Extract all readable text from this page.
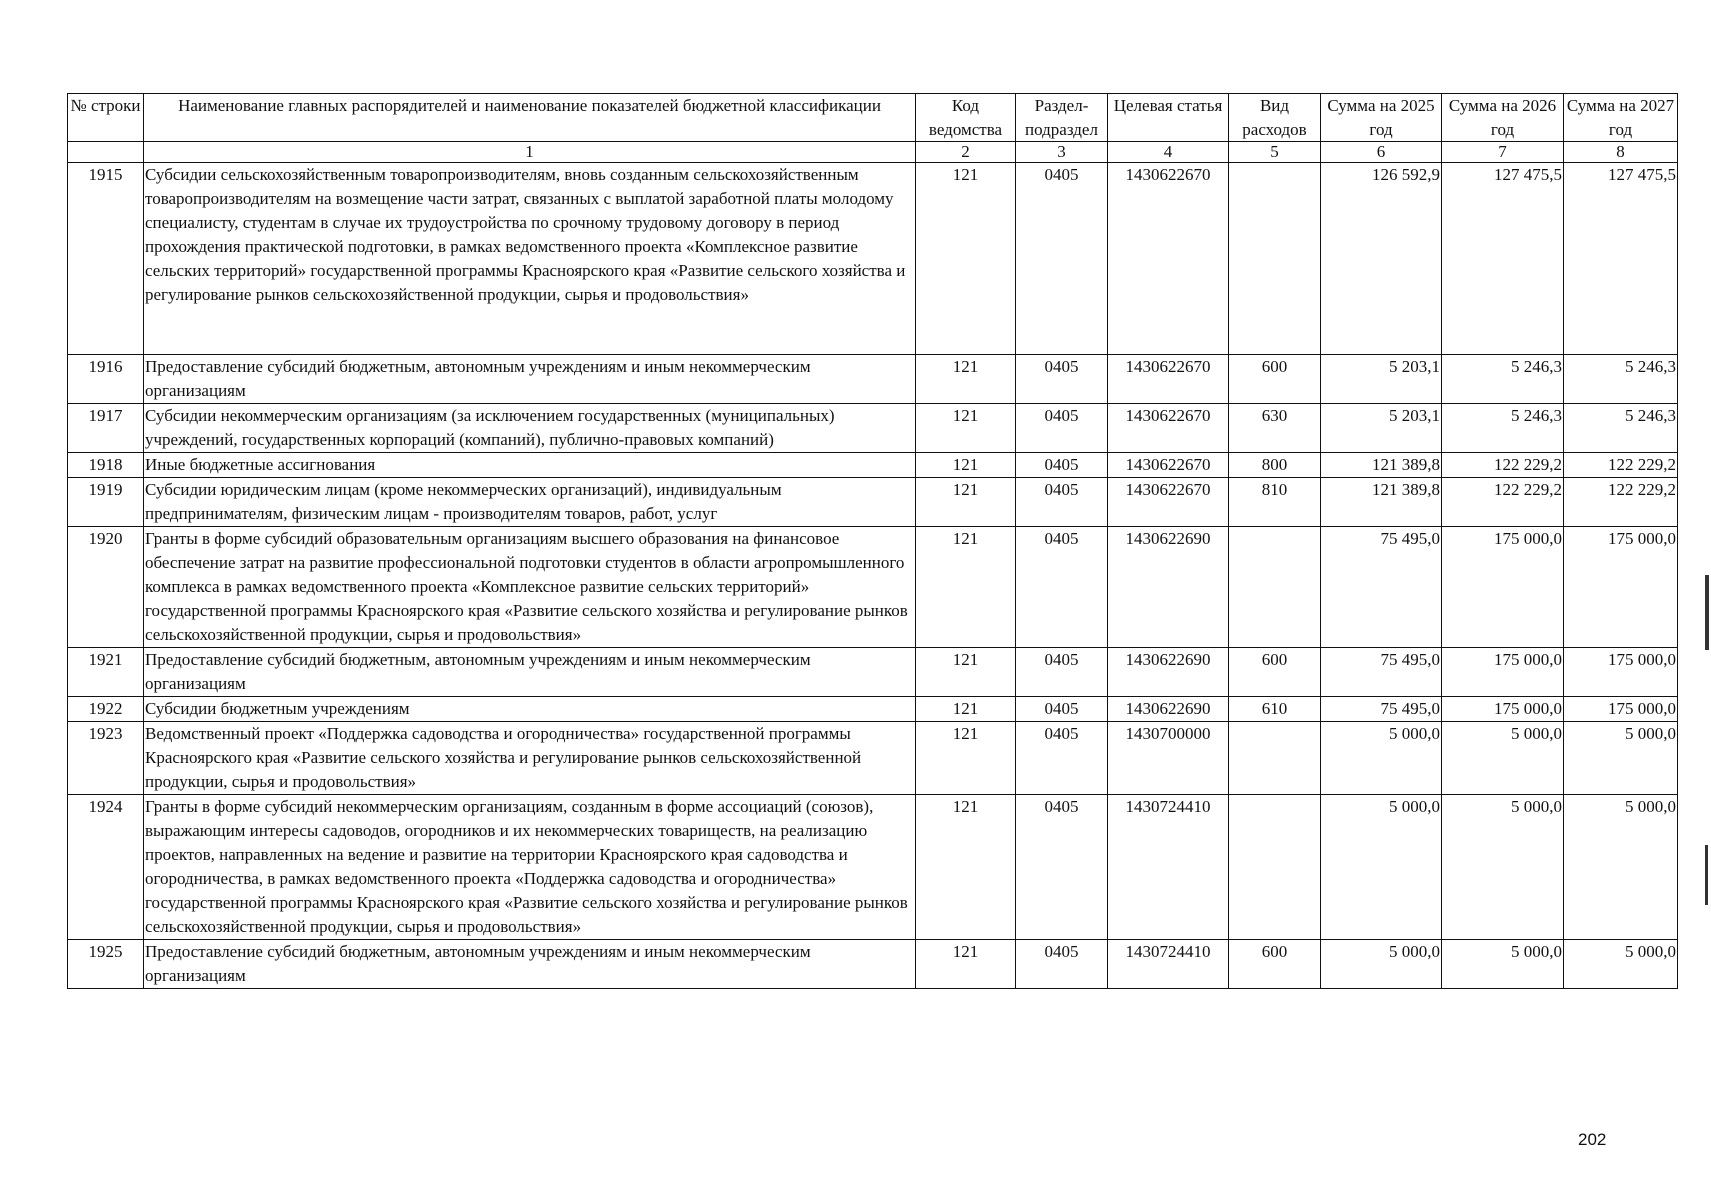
№ строки	Наименование главных распорядителей и наименование показателей бюджетной классификации	Код ведомства	Раздел-подраздел	Целевая статья	Вид расходов	Сумма на 2025 год	Сумма на 2026 год	Сумма на 2027 год
	1	2	3	4	5	6	7	8
1915	Субсидии сельскохозяйственным товаропроизводителям, вновь созданным сельскохозяйственным товаропроизводителям на возмещение части затрат, связанных с выплатой заработной платы молодому специалисту, студентам в случае их трудоустройства по срочному трудовому договору в период прохождения практической подготовки, в рамках ведомственного проекта «Комплексное развитие сельских территорий» государственной программы Красноярского края «Развитие сельского хозяйства и регулирование рынков сельскохозяйственной продукции, сырья и продовольствия»	121	0405	1430622670		126 592,9	127 475,5	127 475,5
1916	Предоставление субсидий бюджетным, автономным учреждениям и иным некоммерческим организациям	121	0405	1430622670	600	5 203,1	5 246,3	5 246,3
1917	Субсидии некоммерческим организациям (за исключением государственных (муниципальных) учреждений, государственных корпораций (компаний), публично-правовых компаний)	121	0405	1430622670	630	5 203,1	5 246,3	5 246,3
1918	Иные бюджетные ассигнования	121	0405	1430622670	800	121 389,8	122 229,2	122 229,2
1919	Субсидии юридическим лицам (кроме некоммерческих организаций), индивидуальным предпринимателям, физическим лицам - производителям товаров, работ, услуг	121	0405	1430622670	810	121 389,8	122 229,2	122 229,2
1920	Гранты в форме субсидий образовательным организациям высшего образования на финансовое обеспечение затрат на развитие профессиональной подготовки студентов в области агропромышленного комплекса в рамках ведомственного проекта «Комплексное развитие сельских территорий» государственной программы Красноярского края «Развитие сельского хозяйства и регулирование рынков сельскохозяйственной продукции, сырья и продовольствия»	121	0405	1430622690		75 495,0	175 000,0	175 000,0
1921	Предоставление субсидий бюджетным, автономным учреждениям и иным некоммерческим организациям	121	0405	1430622690	600	75 495,0	175 000,0	175 000,0
1922	Субсидии бюджетным учреждениям	121	0405	1430622690	610	75 495,0	175 000,0	175 000,0
1923	Ведомственный проект «Поддержка садоводства и огородничества» государственной программы Красноярского края «Развитие сельского хозяйства и регулирование рынков сельскохозяйственной продукции, сырья и продовольствия»	121	0405	1430700000		5 000,0	5 000,0	5 000,0
1924	Гранты в форме субсидий некоммерческим организациям, созданным в форме ассоциаций (союзов), выражающим интересы садоводов, огородников и их некоммерческих товариществ, на реализацию проектов, направленных на ведение и развитие на территории Красноярского края садоводства и огородничества, в рамках ведомственного проекта «Поддержка садоводства и огородничества» государственной программы Красноярского края «Развитие сельского хозяйства и регулирование рынков сельскохозяйственной продукции, сырья и продовольствия»	121	0405	1430724410		5 000,0	5 000,0	5 000,0
1925	Предоставление субсидий бюджетным, автономным учреждениям и иным некоммерческим организациям	121	0405	1430724410	600	5 000,0	5 000,0	5 000,0
202
